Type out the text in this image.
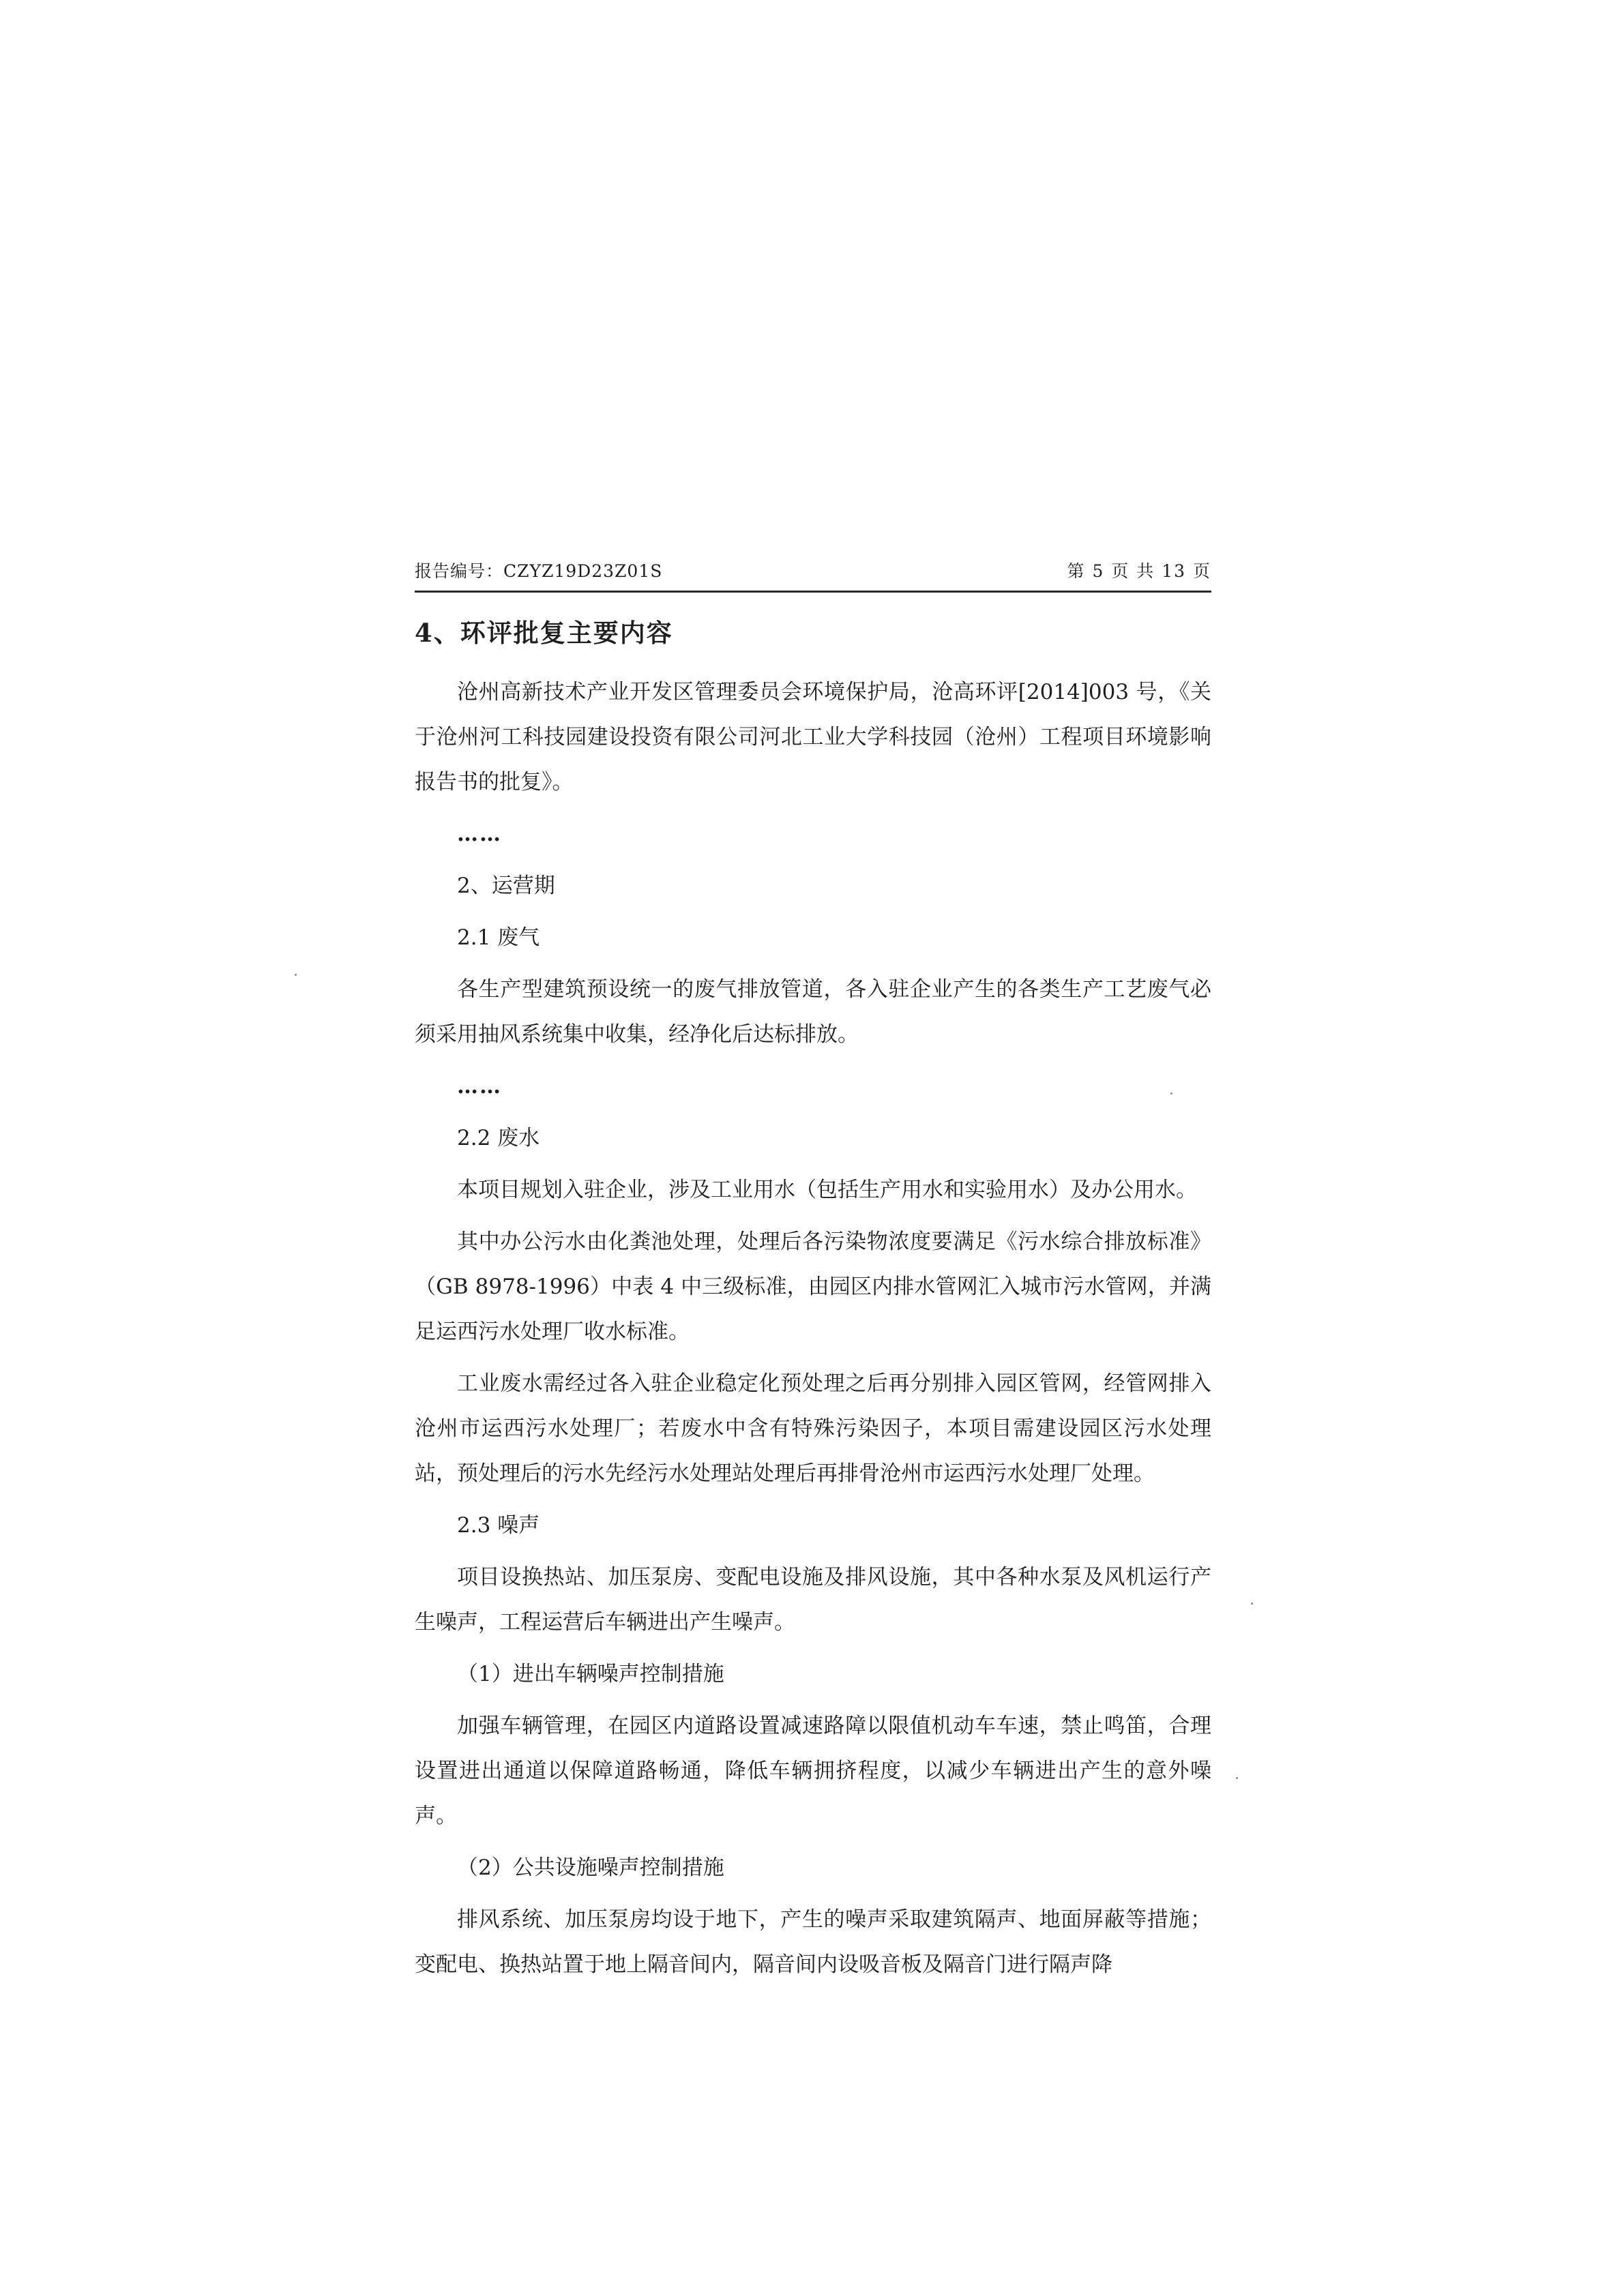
报告编号：CZYZ19D23Z01S	第 5 页 共 13 页

4、环评批复主要内容

沧州高新技术产业开发区管理委员会环境保护局，沧高环评[2014]003 号，《关于沧州河工科技园建设投资有限公司河北工业大学科技园（沧州）工程项目环境影响报告书的批复》。

……

2、运营期

2.1 废气

各生产型建筑预设统一的废气排放管道，各入驻企业产生的各类生产工艺废气必须采用抽风系统集中收集，经净化后达标排放。

……

2.2 废水

本项目规划入驻企业，涉及工业用水（包括生产用水和实验用水）及办公用水。

其中办公污水由化粪池处理，处理后各污染物浓度要满足《污水综合排放标准》（GB 8978-1996）中表 4 中三级标准，由园区内排水管网汇入城市污水管网，并满足运西污水处理厂收水标准。

工业废水需经过各入驻企业稳定化预处理之后再分别排入园区管网，经管网排入沧州市运西污水处理厂；若废水中含有特殊污染因子，本项目需建设园区污水处理站，预处理后的污水先经污水处理站处理后再排骨沧州市运西污水处理厂处理。

2.3 噪声

项目设换热站、加压泵房、变配电设施及排风设施，其中各种水泵及风机运行产生噪声，工程运营后车辆进出产生噪声。

（1）进出车辆噪声控制措施

加强车辆管理，在园区内道路设置减速路障以限值机动车车速，禁止鸣笛，合理设置进出通道以保障道路畅通，降低车辆拥挤程度，以减少车辆进出产生的意外噪声。

（2）公共设施噪声控制措施

排风系统、加压泵房均设于地下，产生的噪声采取建筑隔声、地面屏蔽等措施；变配电、换热站置于地上隔音间内，隔音间内设吸音板及隔音门进行隔声降
